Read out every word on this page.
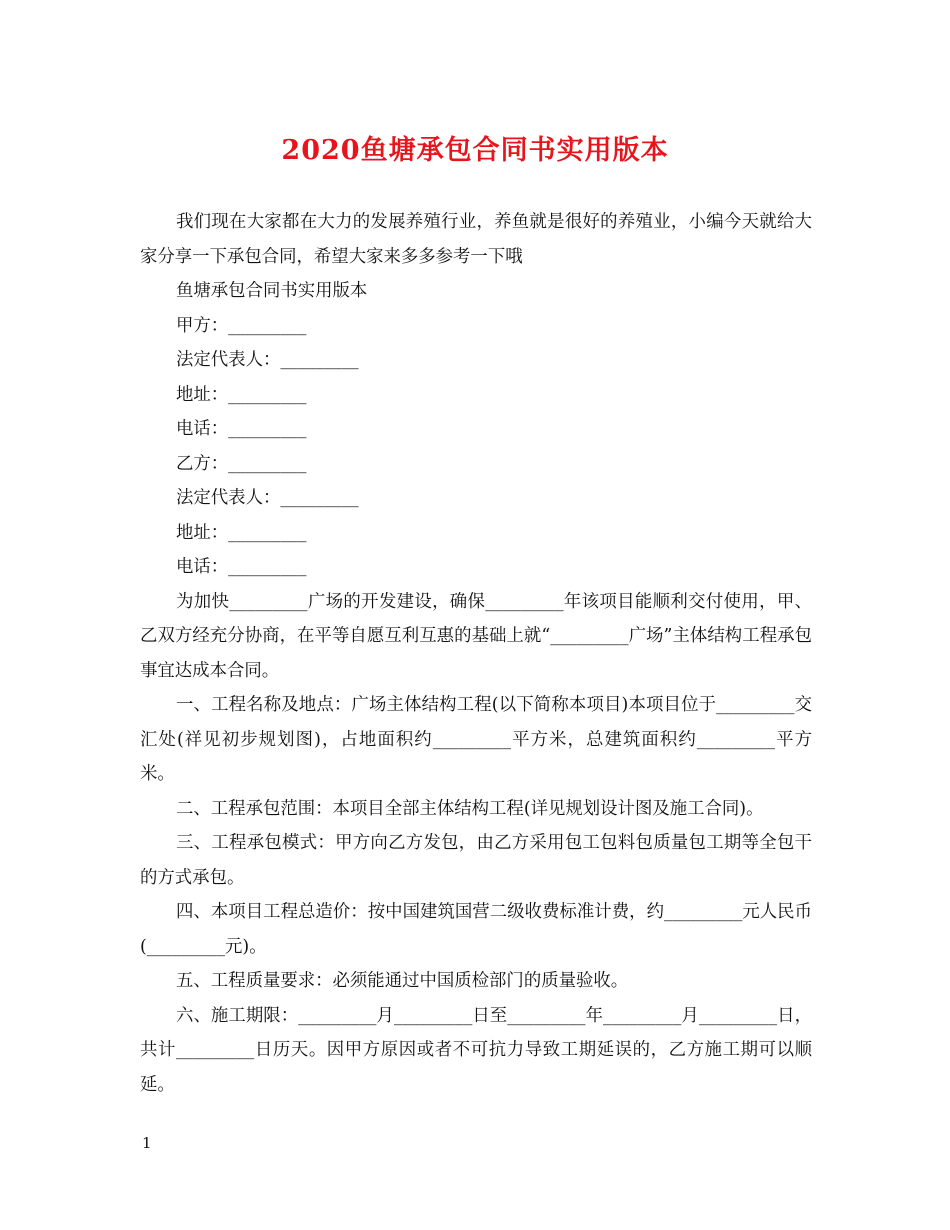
2020鱼塘承包合同书实用版本

我们现在大家都在大力的发展养殖行业，养鱼就是很好的养殖业，小编今天就给大家分享一下承包合同，希望大家来多多参考一下哦

鱼塘承包合同书实用版本

甲方：_________

法定代表人：_________

地址：_________

电话：_________

乙方：_________

法定代表人：_________

地址：_________

电话：_________

为加快_________广场的开发建设，确保_________年该项目能顺利交付使用，甲、乙双方经充分协商，在平等自愿互利互惠的基础上就“_________广场”主体结构工程承包事宜达成本合同。

一、工程名称及地点：广场主体结构工程(以下简称本项目)本项目位于_________交汇处(祥见初步规划图)，占地面积约_________平方米，总建筑面积约_________平方米。

二、工程承包范围：本项目全部主体结构工程(详见规划设计图及施工合同)。

三、工程承包模式：甲方向乙方发包，由乙方采用包工包料包质量包工期等全包干的方式承包。

四、本项目工程总造价：按中国建筑国营二级收费标准计费，约_________元人民币(_________元)。

五、工程质量要求：必须能通过中国质检部门的质量验收。

六、施工期限：_________月_________日至_________年_________月_________日，共计_________日历天。因甲方原因或者不可抗力导致工期延误的，乙方施工期可以顺延。

1
